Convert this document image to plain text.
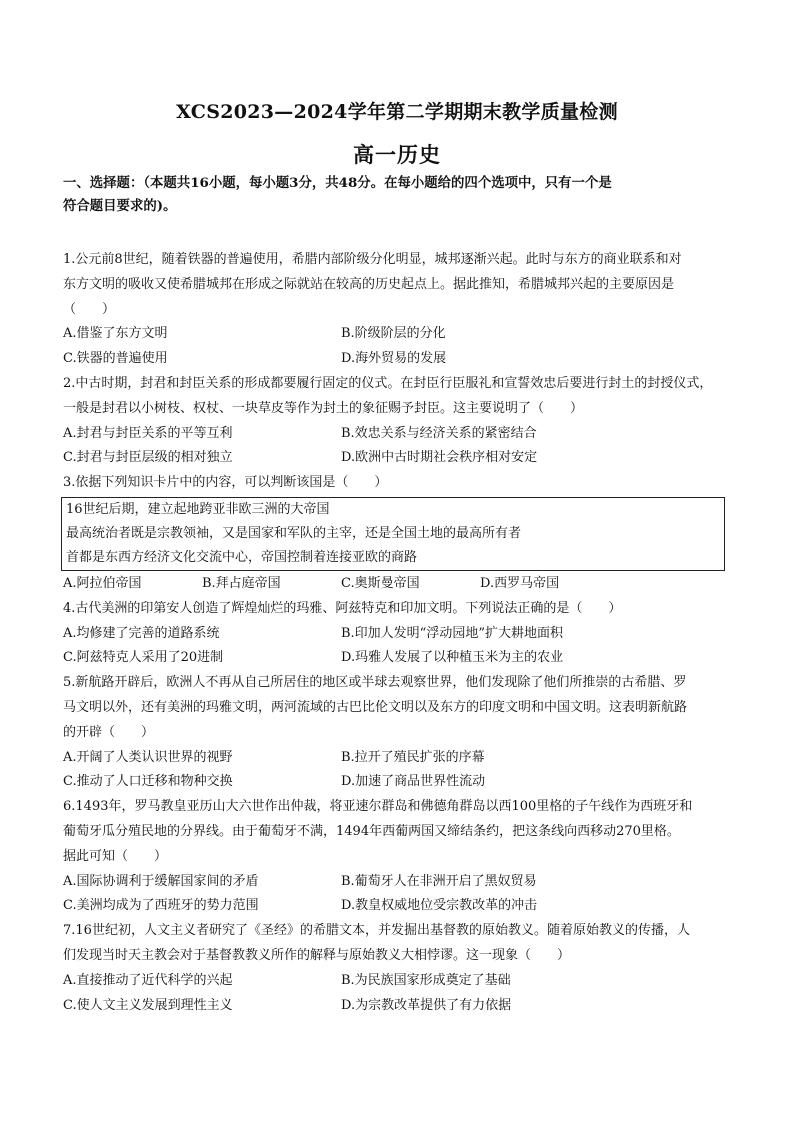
XCS2023—2024学年第二学期期末教学质量检测
高一历史
一、选择题：（本题共16小题，每小题3分，共48分。在每小题给的四个选项中，只有一个是
符合题目要求的)。
1.公元前8世纪，随着铁器的普遍使用，希腊内部阶级分化明显，城邦逐渐兴起。此时与东方的商业联系和对
东方文明的吸收又使希腊城邦在形成之际就站在较高的历史起点上。据此推知，希腊城邦兴起的主要原因是
（　　）
A.借鉴了东方文明	B.阶级阶层的分化
C.铁器的普遍使用	D.海外贸易的发展
2.中古时期，封君和封臣关系的形成都要履行固定的仪式。在封臣行臣服礼和宣誓效忠后要进行封土的封授仪式，
一般是封君以小树枝、权杖、一块草皮等作为封土的象征赐予封臣。这主要说明了（　　）
A.封君与封臣关系的平等互利	B.效忠关系与经济关系的紧密结合
C.封君与封臣层级的相对独立	D.欧洲中古时期社会秩序相对安定
3.依据下列知识卡片中的内容，可以判断该国是（　　）
16世纪后期，建立起地跨亚非欧三洲的大帝国
最高统治者既是宗教领袖，又是国家和军队的主宰，还是全国土地的最高所有者
首都是东西方经济文化交流中心，帝国控制着连接亚欧的商路
A.阿拉伯帝国	B.拜占庭帝国	C.奥斯曼帝国	D.西罗马帝国
4.古代美洲的印第安人创造了辉煌灿烂的玛雅、阿兹特克和印加文明。下列说法正确的是（　　）
A.均修建了完善的道路系统	B.印加人发明“浮动园地”扩大耕地面积
C.阿兹特克人采用了20进制	D.玛雅人发展了以种植玉米为主的农业
5.新航路开辟后，欧洲人不再从自己所居住的地区或半球去观察世界，他们发现除了他们所推崇的古希腊、罗
马文明以外，还有美洲的玛雅文明，两河流域的古巴比伦文明以及东方的印度文明和中国文明。这表明新航路
的开辟（　　）
A.开阔了人类认识世界的视野	B.拉开了殖民扩张的序幕
C.推动了人口迁移和物种交换	D.加速了商品世界性流动
6.1493年，罗马教皇亚历山大六世作出仲裁，将亚速尔群岛和佛德角群岛以西100里格的子午线作为西班牙和
葡萄牙瓜分殖民地的分界线。由于葡萄牙不满，1494年西葡两国又缔结条约，把这条线向西移动270里格。
据此可知（　　）
A.国际协调利于缓解国家间的矛盾	B.葡萄牙人在非洲开启了黑奴贸易
C.美洲均成为了西班牙的势力范围	D.教皇权威地位受宗教改革的冲击
7.16世纪初，人文主义者研究了《圣经》的希腊文本，并发掘出基督教的原始教义。随着原始教义的传播，人
们发现当时天主教会对于基督教教义所作的解释与原始教义大相悖谬。这一现象（　　）
A.直接推动了近代科学的兴起	B.为民族国家形成奠定了基础
C.使人文主义发展到理性主义	D.为宗教改革提供了有力依据
